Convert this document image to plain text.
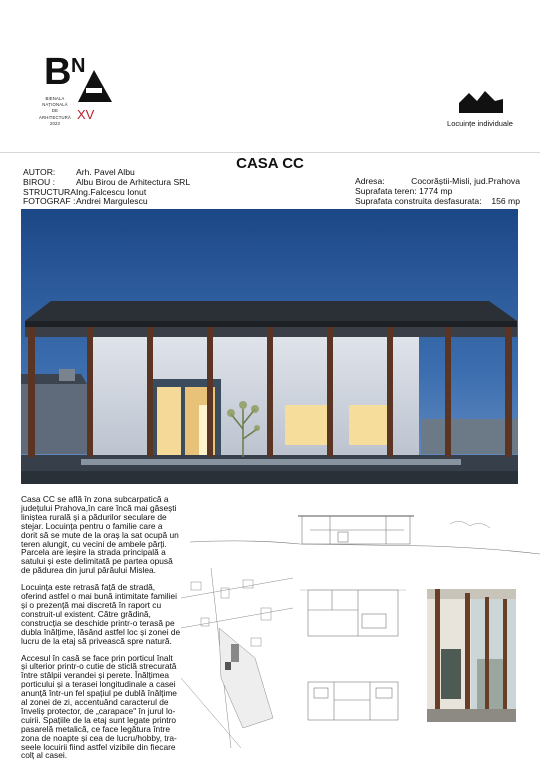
B N
BIENALA
NAȚIONALĂ
DE
ARHITECTURĂ
2023
XV
Locuințe individuale
CASA CC
AUTOR:	Arh. Pavel Albu
BIROU :	Albu Birou de Arhitectura SRL
STRUCTURA:
Ing.Falcescu Ionut
FOTOGRAF : Andrei Margulescu
Adresa:	Cocorăștii-Misli, jud.Prahova
Suprafata teren: 1774 mp
Suprafata construita desfasurata: 156 mp

Casa CC se află în zona subcarpatică a județului Prahova,în care încă mai găsești liniștea rurală și a pădurilor seculare de stejar. Locuința pentru o familie care a dorit să se mute de la oraș la sat ocupă un teren alungit, cu vecini de ambele părți. Parcela are ieșire la strada principală a satului și este delimitată pe partea opusă de pădurea din jurul pârâului Mislea.

Locuința este retrasă față de stradă, oferind astfel o mai bună intimitate familiei și o prezență mai discretă în raport cu construit-ul existent. Către grădină, construcția se deschide printr-o terasă pe dubla înălțime, lăsând astfel loc și zonei de lucru de la etaj să privească spre natură.

Accesul în casă se face prin porticul înalt și ulterior printr-o cutie de sticlă strecurată între stâlpii verandei și perete. Înălțimea porticului și a terasei longitudinale a casei anunță într-un fel spațiul pe dublă înălțime al zonei de zi, accentuând caracterul de înveliș protector, de „carapace" în jurul lo-cuirii. Spațiile de la etaj sunt legate printro pasarelă metalică, ce face legătura între zona de noapte și cea de lucru/hobby, tra-seele locuirii fiind astfel vizibile din fiecare colț al casei.
